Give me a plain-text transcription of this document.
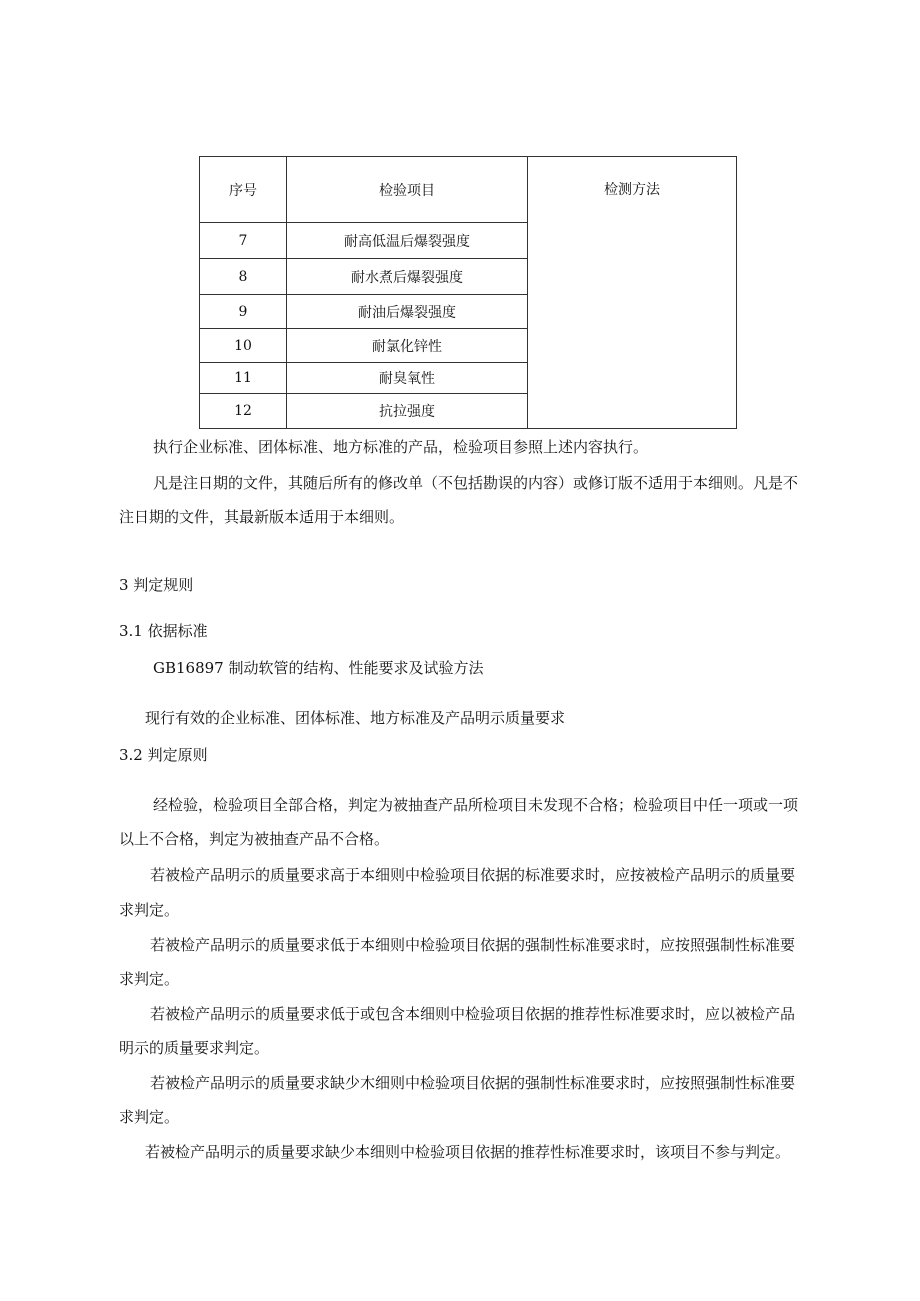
序号	检验项目	检测方法
7	耐高低温后爆裂强度	
8	耐水煮后爆裂强度	
9	耐油后爆裂强度	
10	耐氯化锌性	
11	耐臭氧性	
12	抗拉强度	

执行企业标准、团体标准、地方标准的产品，检验项目参照上述内容执行。

凡是注日期的文件，其随后所有的修改单（不包括勘误的内容）或修订版不适用于本细则。凡是不

注日期的文件，其最新版本适用于本细则。

3 判定规则

3.1 依据标准

GB16897 制动软管的结构、性能要求及试验方法

现行有效的企业标准、团体标准、地方标准及产品明示质量要求

3.2 判定原则

经检验，检验项目全部合格，判定为被抽查产品所检项目未发现不合格；检验项目中任一项或一项

以上不合格，判定为被抽查产品不合格。

若被检产品明示的质量要求高于本细则中检验项目依据的标准要求时，应按被检产品明示的质量要

求判定。

若被检产品明示的质量要求低于本细则中检验项目依据的强制性标准要求时，应按照强制性标准要

求判定。

若被检产品明示的质量要求低于或包含本细则中检验项目依据的推荐性标准要求时，应以被检产品

明示的质量要求判定。

若被检产品明示的质量要求缺少木细则中检验项目依据的强制性标准要求时，应按照强制性标准要

求判定。

若被检产品明示的质量要求缺少本细则中检验项目依据的推荐性标准要求时，该项目不参与判定。
